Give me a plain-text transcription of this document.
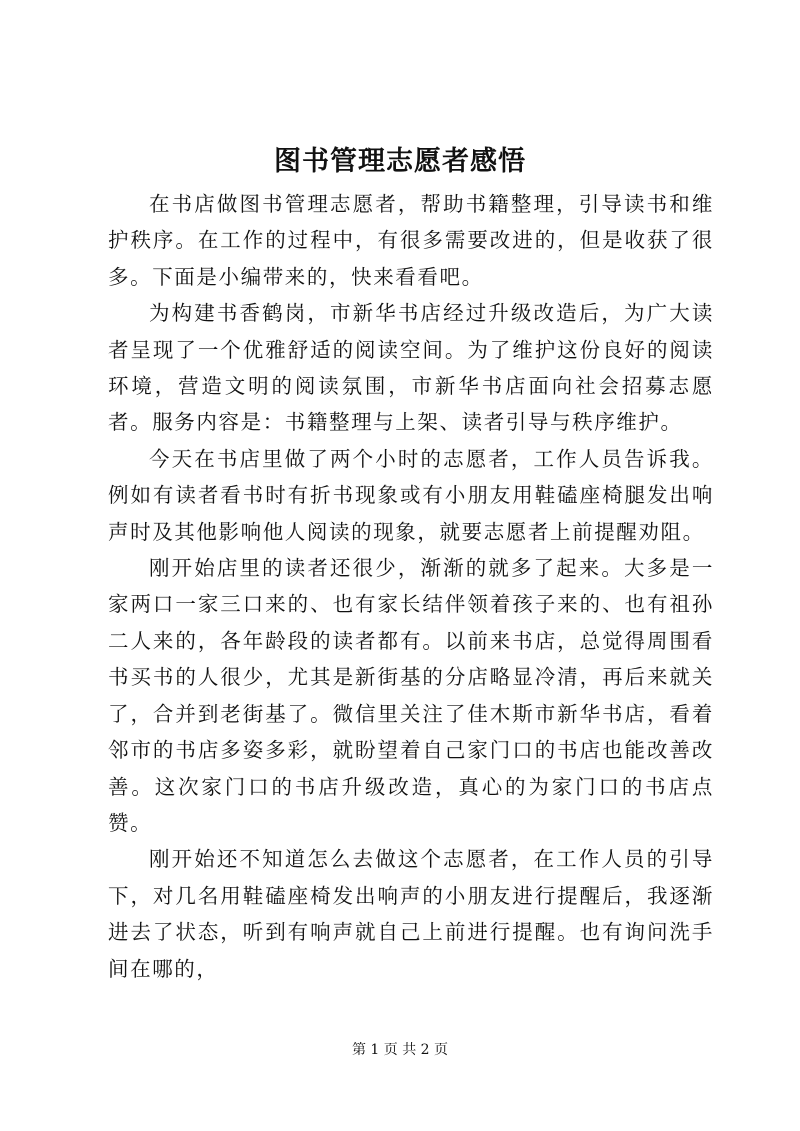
图书管理志愿者感悟

在书店做图书管理志愿者，帮助书籍整理，引导读书和维护秩序。在工作的过程中，有很多需要改进的，但是收获了很多。下面是小编带来的，快来看看吧。

为构建书香鹤岗，市新华书店经过升级改造后，为广大读者呈现了一个优雅舒适的阅读空间。为了维护这份良好的阅读环境，营造文明的阅读氛围，市新华书店面向社会招募志愿者。服务内容是：书籍整理与上架、读者引导与秩序维护。

今天在书店里做了两个小时的志愿者，工作人员告诉我。例如有读者看书时有折书现象或有小朋友用鞋磕座椅腿发出响声时及其他影响他人阅读的现象，就要志愿者上前提醒劝阻。

刚开始店里的读者还很少，渐渐的就多了起来。大多是一家两口一家三口来的、也有家长结伴领着孩子来的、也有祖孙二人来的，各年龄段的读者都有。以前来书店，总觉得周围看书买书的人很少，尤其是新街基的分店略显冷清，再后来就关了，合并到老街基了。微信里关注了佳木斯市新华书店，看着邻市的书店多姿多彩，就盼望着自己家门口的书店也能改善改善。这次家门口的书店升级改造，真心的为家门口的书店点赞。

刚开始还不知道怎么去做这个志愿者，在工作人员的引导下，对几名用鞋磕座椅发出响声的小朋友进行提醒后，我逐渐进去了状态，听到有响声就自己上前进行提醒。也有询问洗手间在哪的，

第 1 页 共 2 页
